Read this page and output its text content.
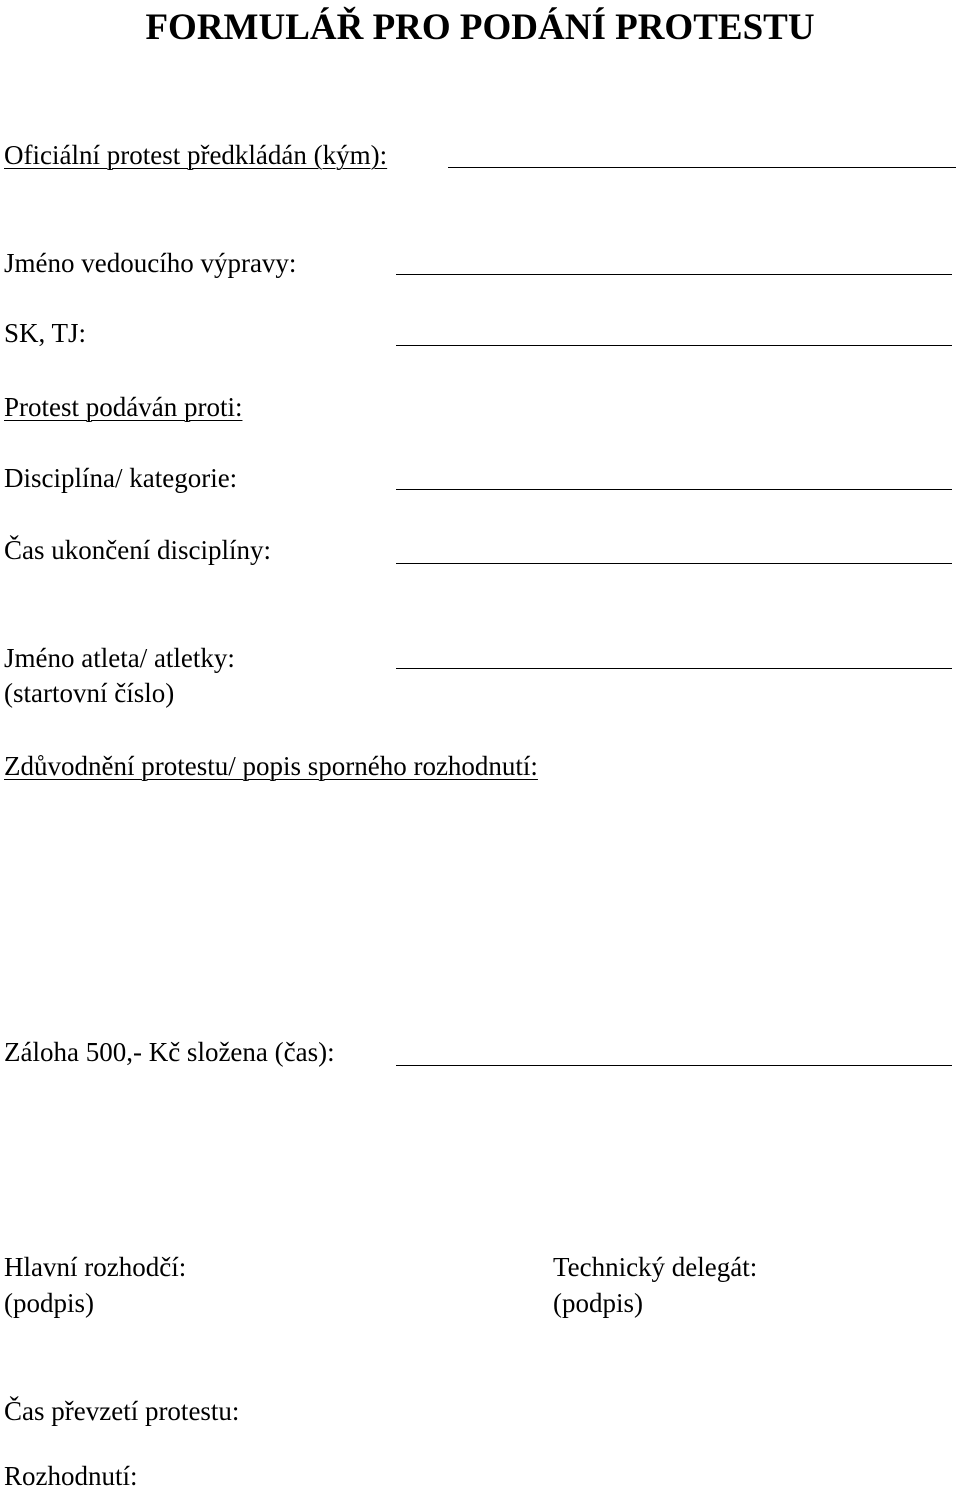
FORMULÁŘ PRO PODÁNÍ PROTESTU
Oficiální protest předkládán (kým):
Jméno vedoucího výpravy:
SK, TJ:
Protest podáván proti:
Disciplína/ kategorie:
Čas ukončení disciplíny:
Jméno atleta/ atletky:
(startovní číslo)
Zdůvodnění protestu/ popis sporného rozhodnutí:
Záloha 500,- Kč složena (čas):
Hlavní rozhodčí:
(podpis)
Technický delegát:
(podpis)
Čas převzetí protestu:
Rozhodnutí:
